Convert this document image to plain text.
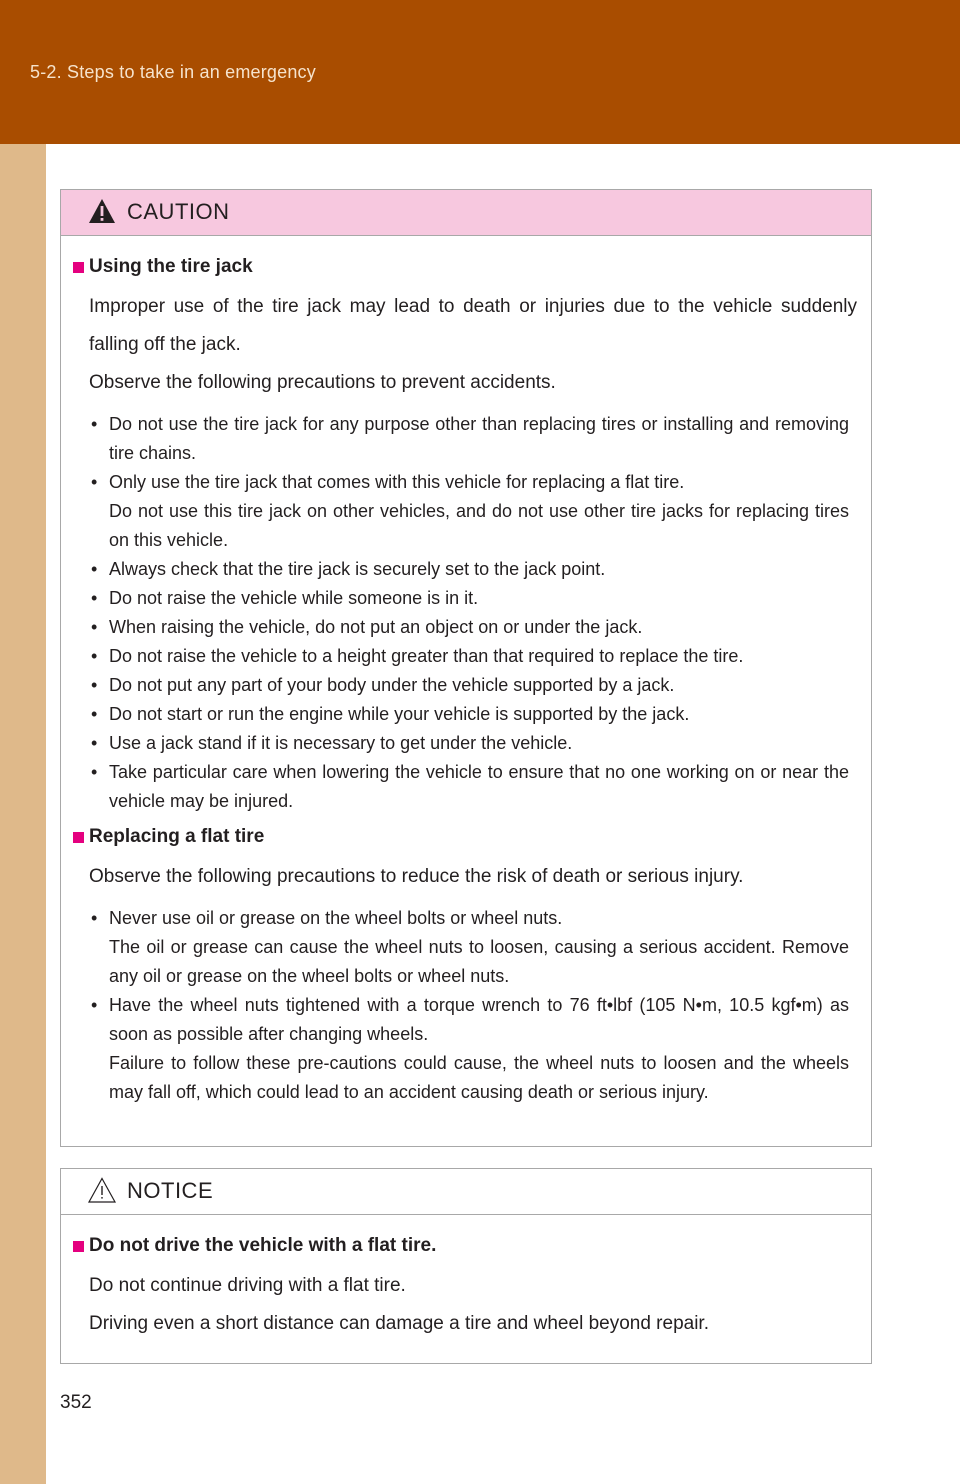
5-2. Steps to take in an emergency
CAUTION
Using the tire jack
Improper use of the tire jack may lead to death or injuries due to the vehicle suddenly falling off the jack.
Observe the following precautions to prevent accidents.
• Do not use the tire jack for any purpose other than replacing tires or installing and removing tire chains.
• Only use the tire jack that comes with this vehicle for replacing a flat tire.
Do not use this tire jack on other vehicles, and do not use other tire jacks for replacing tires on this vehicle.
• Always check that the tire jack is securely set to the jack point.
• Do not raise the vehicle while someone is in it.
• When raising the vehicle, do not put an object on or under the jack.
• Do not raise the vehicle to a height greater than that required to replace the tire.
• Do not put any part of your body under the vehicle supported by a jack.
• Do not start or run the engine while your vehicle is supported by the jack.
• Use a jack stand if it is necessary to get under the vehicle.
• Take particular care when lowering the vehicle to ensure that no one working on or near the vehicle may be injured.
Replacing a flat tire
Observe the following precautions to reduce the risk of death or serious injury.
• Never use oil or grease on the wheel bolts or wheel nuts.
The oil or grease can cause the wheel nuts to loosen, causing a serious accident. Remove any oil or grease on the wheel bolts or wheel nuts.
• Have the wheel nuts tightened with a torque wrench to 76 ft•lbf (105 N•m, 10.5 kgf•m) as soon as possible after changing wheels.
Failure to follow these pre-cautions could cause, the wheel nuts to loosen and the wheels may fall off, which could lead to an accident causing death or serious injury.
NOTICE
Do not drive the vehicle with a flat tire.
Do not continue driving with a flat tire.
Driving even a short distance can damage a tire and wheel beyond repair.
352
